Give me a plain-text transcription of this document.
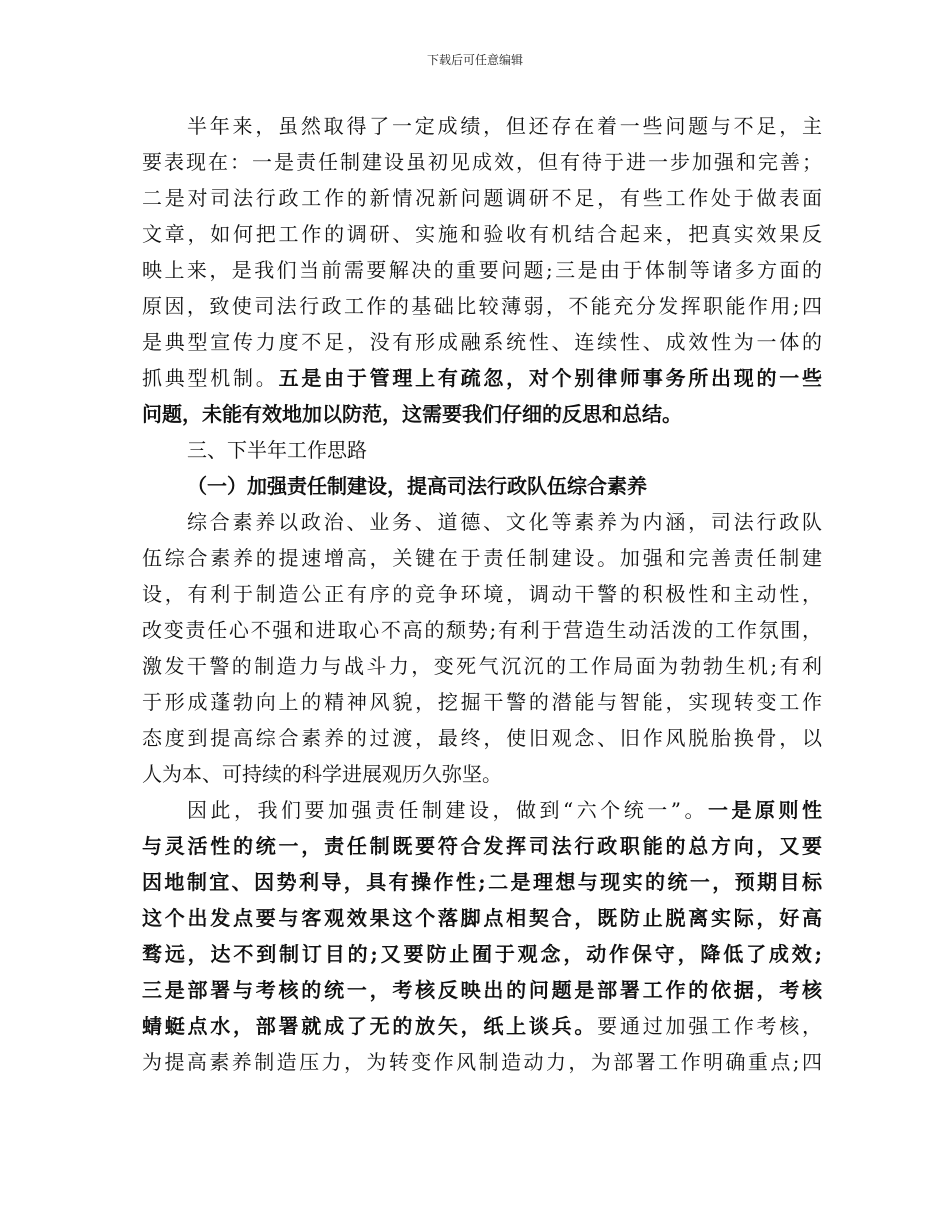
下载后可任意编辑
半年来，虽然取得了一定成绩，但还存在着一些问题与不足，主
要表现在：一是责任制建设虽初见成效，但有待于进一步加强和完善；
二是对司法行政工作的新情况新问题调研不足，有些工作处于做表面
文章，如何把工作的调研、实施和验收有机结合起来，把真实效果反
映上来，是我们当前需要解决的重要问题;三是由于体制等诸多方面的
原因，致使司法行政工作的基础比较薄弱，不能充分发挥职能作用;四
是典型宣传力度不足，没有形成融系统性、连续性、成效性为一体的
抓典型机制。五是由于管理上有疏忽，对个别律师事务所出现的一些
问题，未能有效地加以防范，这需要我们仔细的反思和总结。
三、下半年工作思路
（一）加强责任制建设，提高司法行政队伍综合素养
综合素养以政治、业务、道德、文化等素养为内涵，司法行政队
伍综合素养的提速增高，关键在于责任制建设。加强和完善责任制建
设，有利于制造公正有序的竞争环境，调动干警的积极性和主动性，
改变责任心不强和进取心不高的颓势;有利于营造生动活泼的工作氛围，
激发干警的制造力与战斗力，变死气沉沉的工作局面为勃勃生机;有利
于形成蓬勃向上的精神风貌，挖掘干警的潜能与智能，实现转变工作
态度到提高综合素养的过渡，最终，使旧观念、旧作风脱胎换骨，以
人为本、可持续的科学进展观历久弥坚。
因此，我们要加强责任制建设，做到“六个统一”。一是原则性
与灵活性的统一，责任制既要符合发挥司法行政职能的总方向，又要
因地制宜、因势利导，具有操作性;二是理想与现实的统一，预期目标
这个出发点要与客观效果这个落脚点相契合，既防止脱离实际，好高
骛远，达不到制订目的;又要防止囿于观念，动作保守，降低了成效;
三是部署与考核的统一，考核反映出的问题是部署工作的依据，考核
蜻蜓点水，部署就成了无的放矢，纸上谈兵。要通过加强工作考核，
为提高素养制造压力，为转变作风制造动力，为部署工作明确重点;四
